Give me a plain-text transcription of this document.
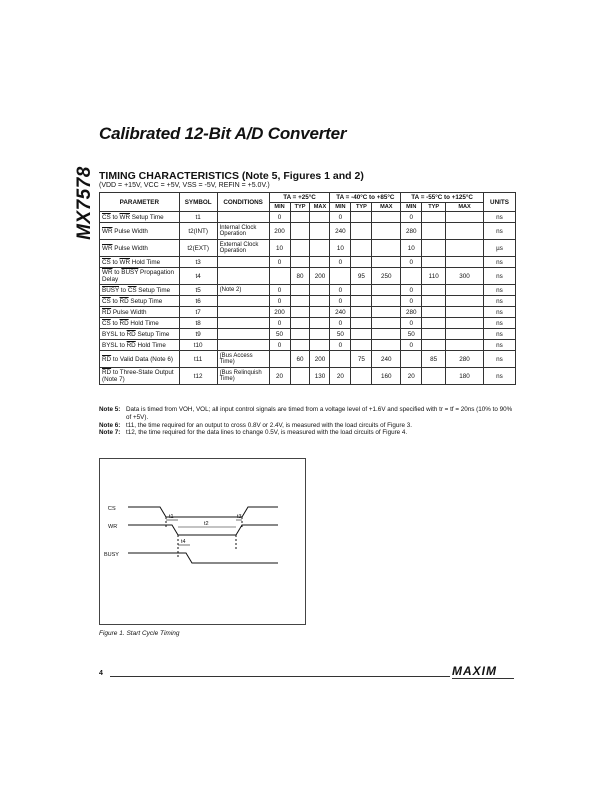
MX7578
Calibrated 12-Bit A/D Converter
TIMING CHARACTERISTICS (Note 5, Figures 1 and 2)
(VDD = +15V, VCC = +5V, VSS = -5V, REFIN = +5.0V.)
PARAMETER	SYMBOL	CONDITIONS	TA = +25°C			TA = -40°C to +85°C			TA = -55°C to +125°C			UNITS
			MIN	TYP	MAX	MIN	TYP	MAX	MIN	TYP	MAX	
$\overline{CS}$ to $\overline{WR}$ Setup Time	t1		0			0			0			ns
$\overline{WR}$ Pulse Width	t2(INT)	Internal Clock Operation	200			240			280			ns
$\overline{WR}$ Pulse Width	t2(EXT)	External Clock Operation	10			10			10			µs
$\overline{CS}$ to $\overline{WR}$ Hold Time	t3		0			0			0			ns
$\overline{WR}$ to BUSY Propagation Delay	t4			80	200		95	250		110	300	ns
BUSY to $\overline{CS}$ Setup Time	t5	(Note 2)	0			0			0			ns
$\overline{CS}$ to $\overline{RD}$ Setup Time	t6		0			0			0			ns
$\overline{RD}$ Pulse Width	t7		200			240			280			ns
$\overline{CS}$ to $\overline{RD}$ Hold Time	t8		0			0			0			ns
BYSL to $\overline{RD}$ Setup Time	t9		50			50			50			ns
BYSL to $\overline{RD}$ Hold Time	t10		0			0			0			ns
$\overline{RD}$ to Valid Data (Note 6)	t11	(Bus Access Time)		60	200		75	240		85	280	ns
$\overline{RD}$ to Three-State Output (Note 7)	t12	(Bus Relinquish Time)	20		130	20		160	20		180	ns
Note 5: Data is timed from VOH, VOL; all input control signals are timed from a voltage level of +1.6V and specified with tr = tf = 20ns (10% to 90% of +5V).
Note 6: t11, the time required for an output to cross 0.8V or 2.4V, is measured with the load circuits of Figure 3.
Note 7: t12, the time required for the data lines to change 0.5V, is measured with the load circuits of Figure 4.
CS
WR
BUSY
t1
t2
t3
t4
Figure 1. Start Cycle Timing
4	MAXIM
